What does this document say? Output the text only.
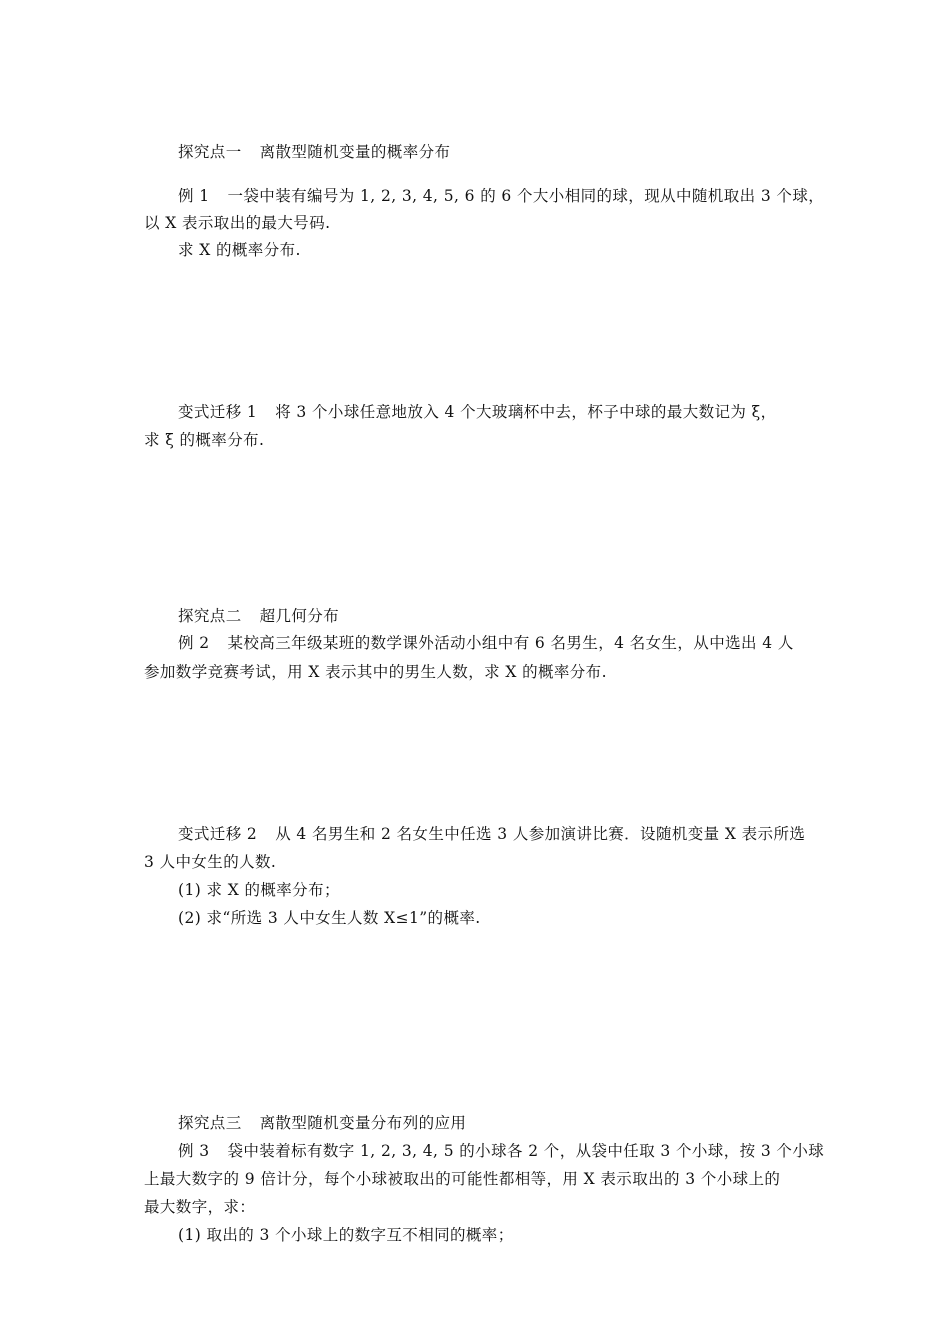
探究点一 离散型随机变量的概率分布
例 1 一袋中装有编号为 1, 2, 3, 4, 5, 6 的 6 个大小相同的球，现从中随机取出 3 个球，
以 X 表示取出的最大号码.
求 X 的概率分布.
变式迁移 1 将 3 个小球任意地放入 4 个大玻璃杯中去，杯子中球的最大数记为 ξ，
求 ξ 的概率分布.
探究点二 超几何分布
例 2 某校高三年级某班的数学课外活动小组中有 6 名男生，4 名女生，从中选出 4 人
参加数学竞赛考试，用 X 表示其中的男生人数，求 X 的概率分布.
变式迁移 2 从 4 名男生和 2 名女生中任选 3 人参加演讲比赛．设随机变量 X 表示所选
3 人中女生的人数.
(1) 求 X 的概率分布；
(2) 求“所选 3 人中女生人数 X≤1”的概率.
探究点三 离散型随机变量分布列的应用
例 3 袋中装着标有数字 1, 2, 3, 4, 5 的小球各 2 个，从袋中任取 3 个小球，按 3 个小球
上最大数字的 9 倍计分，每个小球被取出的可能性都相等，用 X 表示取出的 3 个小球上的
最大数字，求：
(1) 取出的 3 个小球上的数字互不相同的概率；
